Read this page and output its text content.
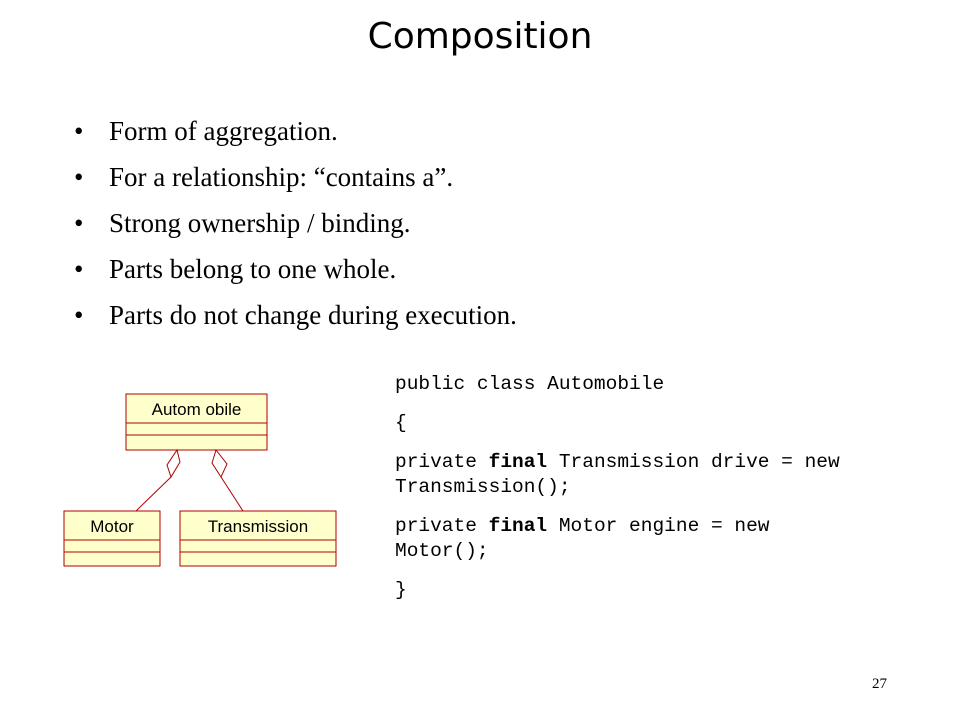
Composition
• Form of aggregation.
• For a relationship: “contains a”.
• Strong ownership / binding.
• Parts belong to one whole.
• Parts do not change during execution.
Autom obile
Motor	Transmission

public class Automobile

{

private final Transmission drive = new

Transmission();

private final Motor engine = new

Motor();

}

27
